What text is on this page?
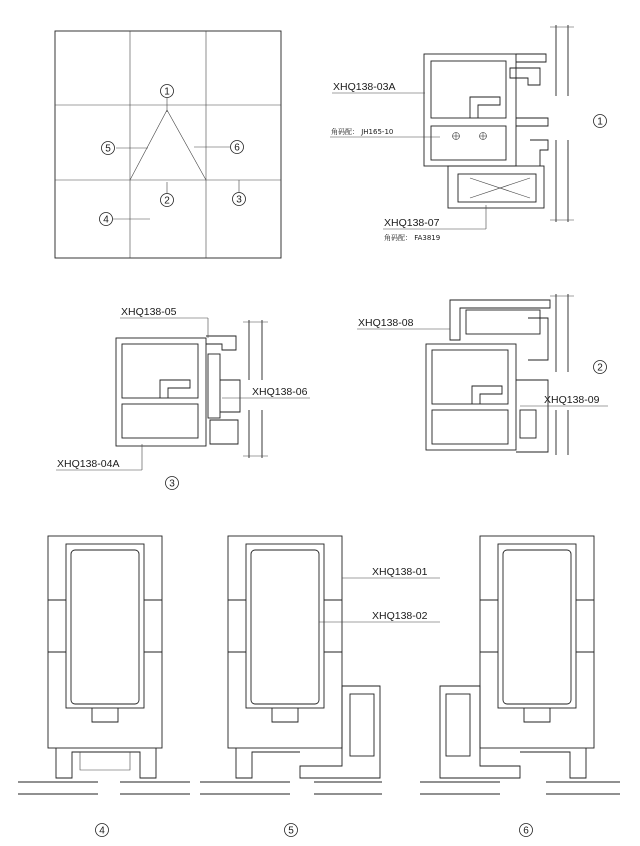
1
5	6
2	3
4
XHQ138-03A
角码配： JH165-10
XHQ138-07
角码配： FA3819
1
XHQ138-05
XHQ138-06
XHQ138-04A
3
XHQ138-08
XHQ138-09
2
4
XHQ138-01
XHQ138-02
5	6
